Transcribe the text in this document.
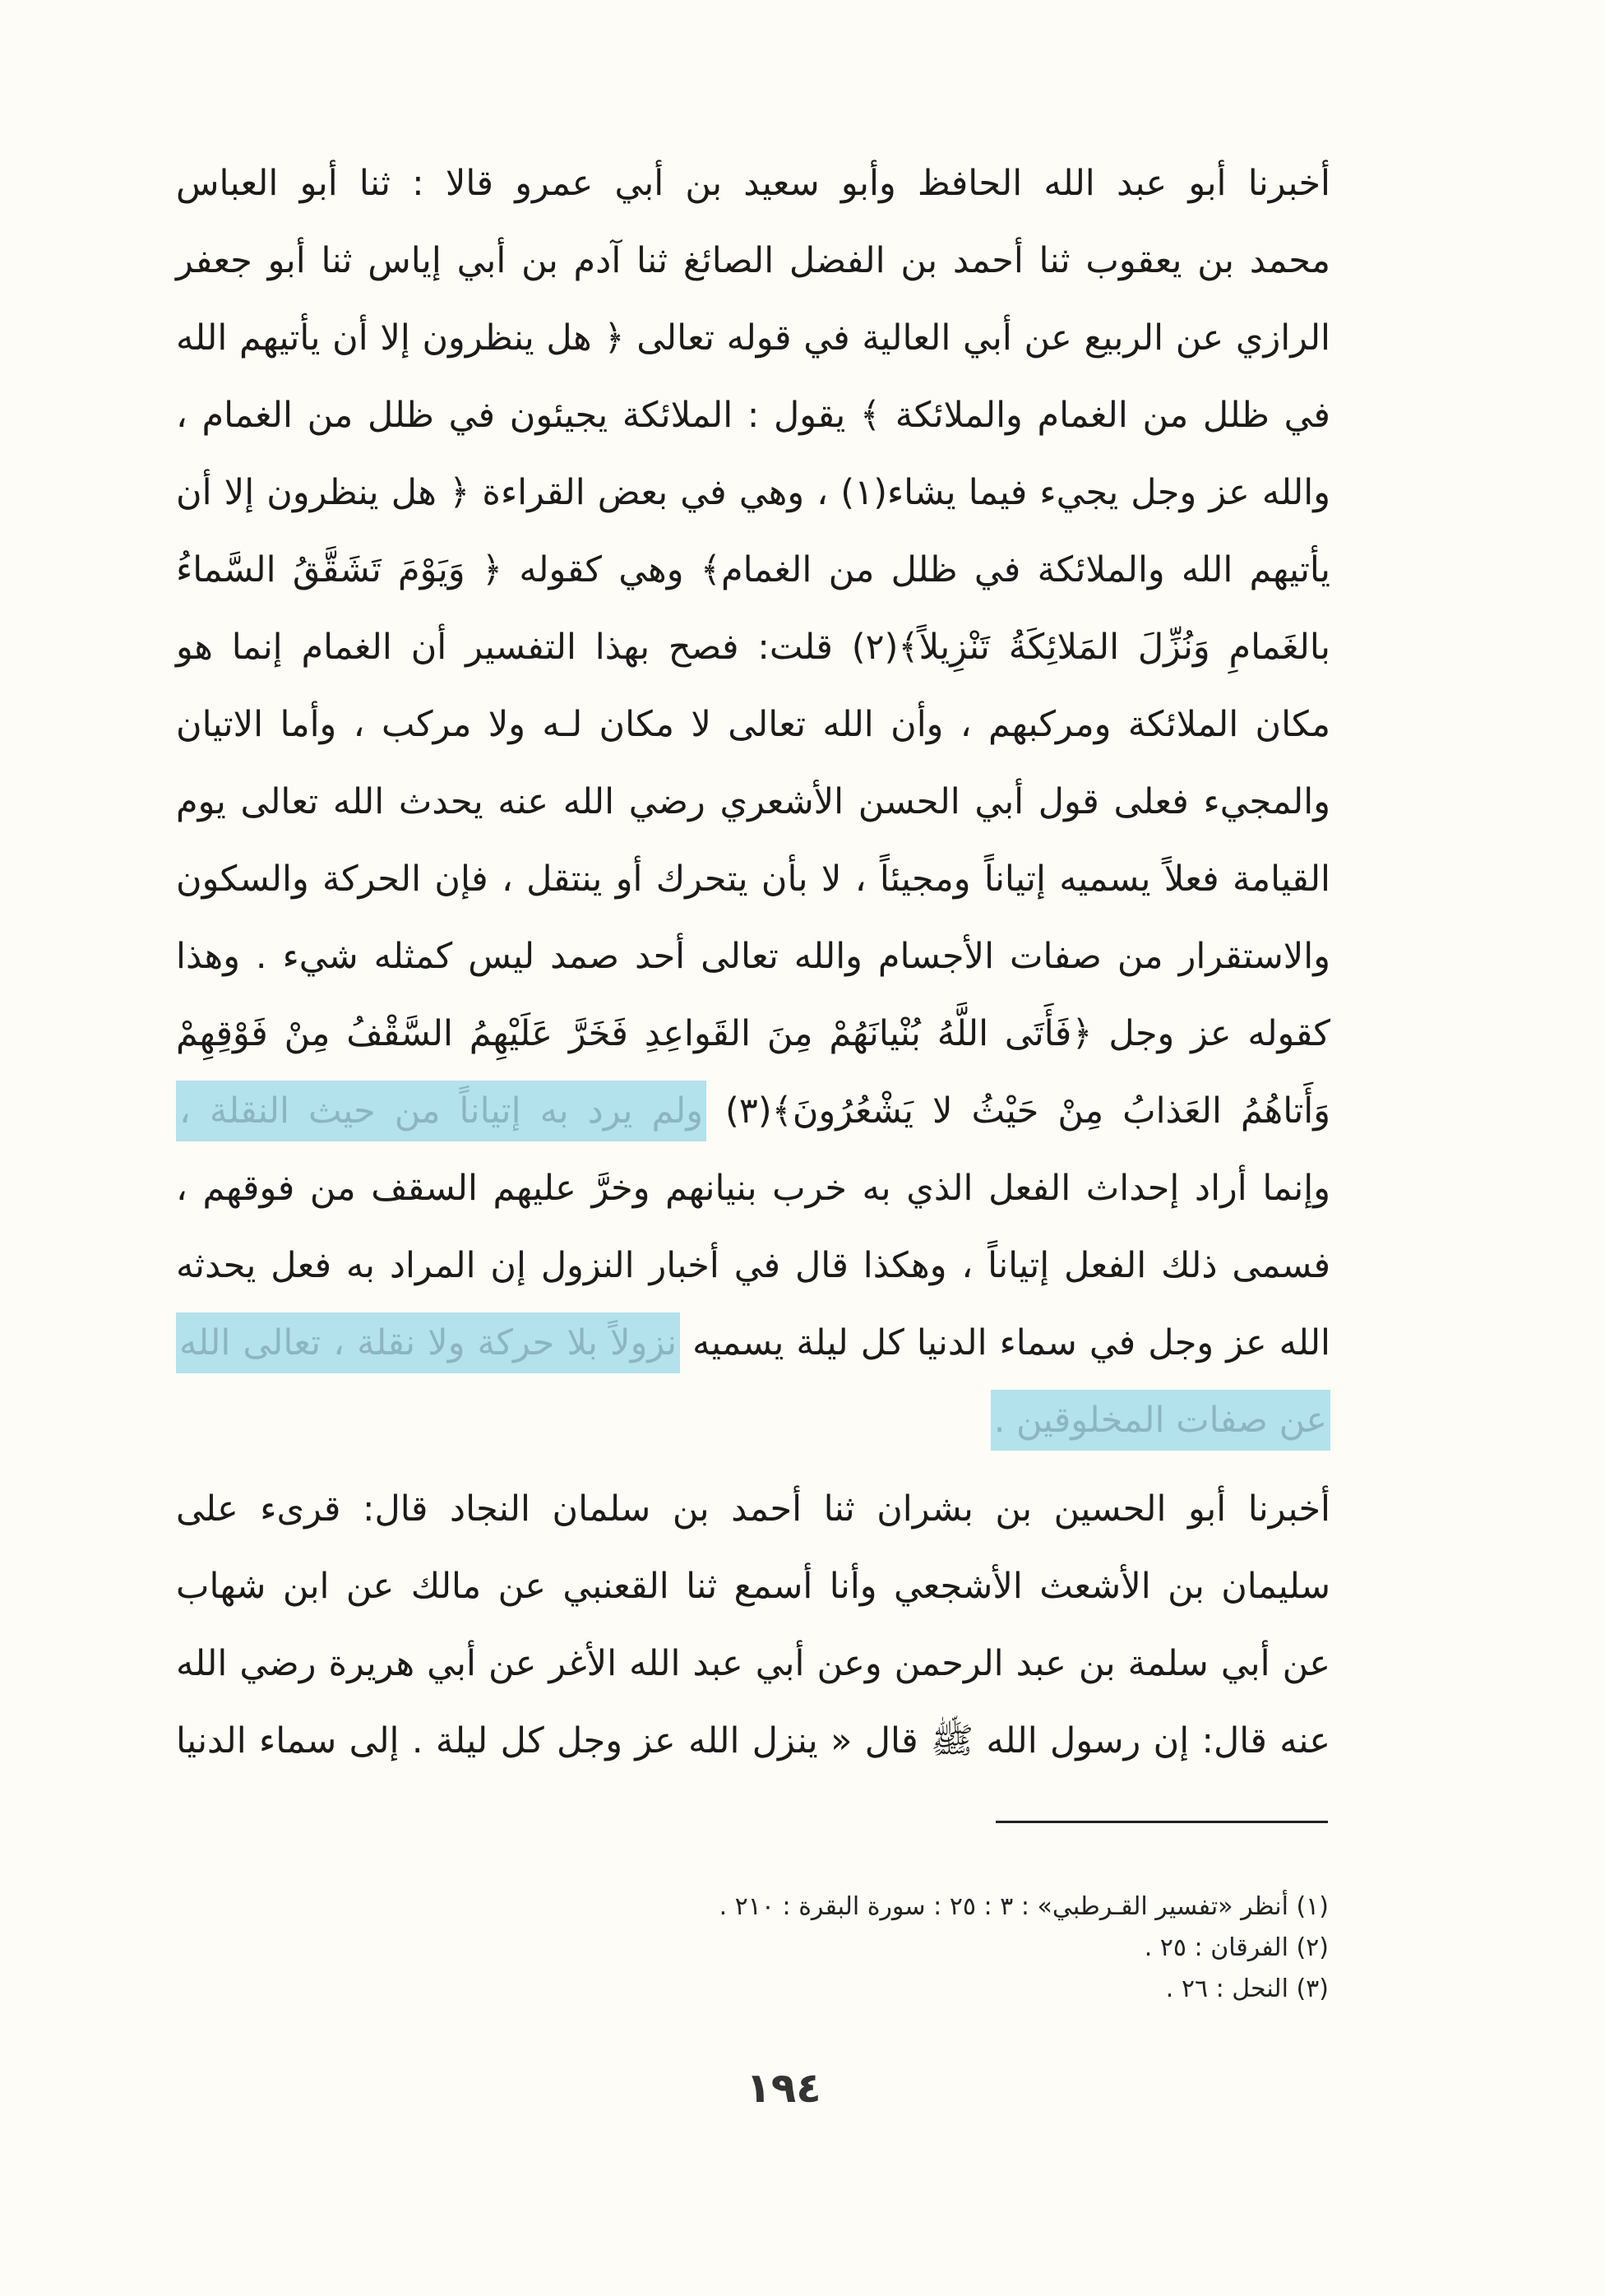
أخبرنا أبو عبد الله الحافظ وأبو سعيد بن أبي عمرو قالا : ثنا أبو العباس
محمد بن يعقوب ثنا أحمد بن الفضل الصائغ ثنا آدم بن أبي إياس ثنا أبو جعفر
الرازي عن الربيع عن أبي العالية في قوله تعالى ﴿ هل ينظرون إلا أن يأتيهم الله
في ظلل من الغمام والملائكة ﴾ يقول : الملائكة يجيئون في ظلل من الغمام ،
والله عز وجل يجيء فيما يشاء(١) ، وهي في بعض القراءة ﴿ هل ينظرون إلا أن
يأتيهم الله والملائكة في ظلل من الغمام﴾ وهي كقوله ﴿ وَيَوْمَ تَشَقَّقُ السَّماءُ
بالغَمامِ وَنُزِّلَ المَلائِكَةُ تَنْزِيلاً﴾(٢) قلت: فصح بهذا التفسير أن الغمام إنما هو
مكان الملائكة ومركبهم ، وأن الله تعالى لا مكان لـه ولا مركب ، وأما الاتيان
والمجيء فعلى قول أبي الحسن الأشعري رضي الله عنه يحدث الله تعالى يوم
القيامة فعلاً يسميه إتياناً ومجيئاً ، لا بأن يتحرك أو ينتقل ، فإن الحركة والسكون
والاستقرار من صفات الأجسام والله تعالى أحد صمد ليس كمثله شيء . وهذا
كقوله عز وجل ﴿فَأَتَى اللَّهُ بُنْيانَهُمْ مِنَ القَواعِدِ فَخَرَّ عَلَيْهِمُ السَّقْفُ مِنْ فَوْقِهِمْ
وَأَتاهُمُ العَذابُ مِنْ حَيْثُ لا يَشْعُرُونَ﴾(٣) ولم يرد به إتياناً من حيث النقلة ،
وإنما أراد إحداث الفعل الذي به خرب بنيانهم وخرَّ عليهم السقف من فوقهم ،
فسمى ذلك الفعل إتياناً ، وهكذا قال في أخبار النزول إن المراد به فعل يحدثه
الله عز وجل في سماء الدنيا كل ليلة يسميه نزولاً بلا حركة ولا نقلة ، تعالى الله
عن صفات المخلوقين .
أخبرنا أبو الحسين بن بشران ثنا أحمد بن سلمان النجاد قال: قرىء على
سليمان بن الأشعث الأشجعي وأنا أسمع ثنا القعنبي عن مالك عن ابن شهاب
عن أبي سلمة بن عبد الرحمن وعن أبي عبد الله الأغر عن أبي هريرة رضي الله
عنه قال: إن رسول الله ﷺ قال « ينزل الله عز وجل كل ليلة . إلى سماء الدنيا
(١) أنظر «تفسير القـرطبي» : ٣ : ٢٥ : سورة البقرة : ٢١٠ .
(٢) الفرقان : ٢٥ .
(٣) النحل : ٢٦ .
١٩٤
